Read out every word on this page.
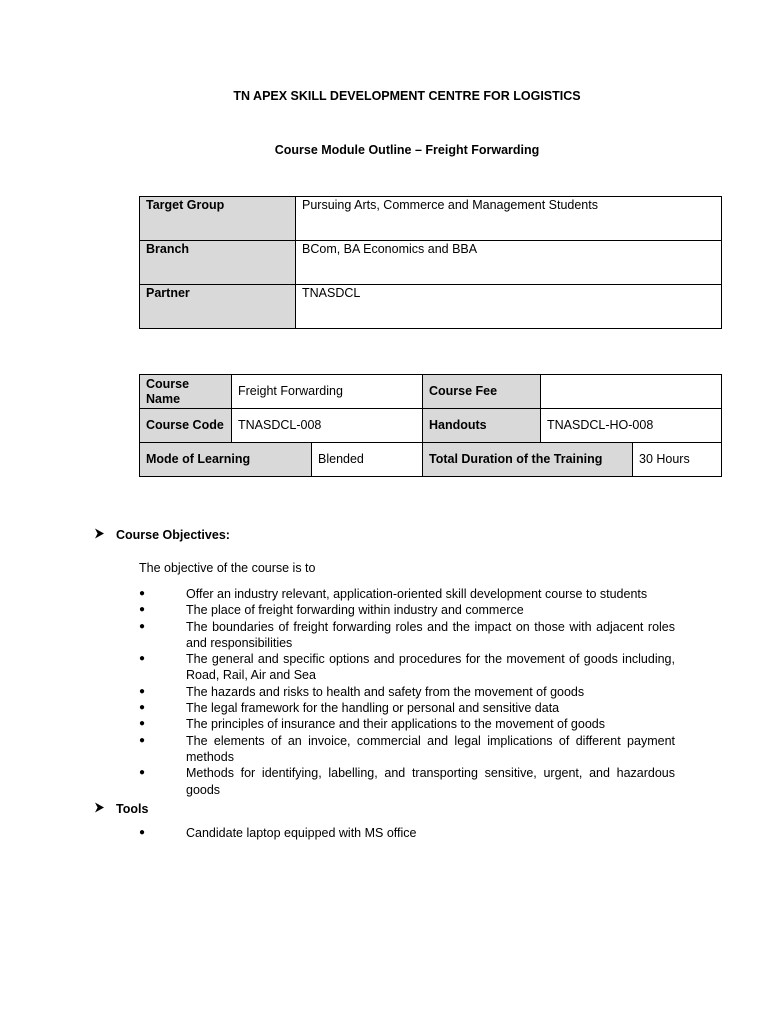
TN APEX SKILL DEVELOPMENT CENTRE FOR LOGISTICS
Course Module Outline – Freight Forwarding
Target Group	Pursuing Arts, Commerce and Management Students
Branch	BCom, BA Economics and BBA
Partner	TNASDCL
Course Name	Freight Forwarding		Course Fee		
Course Code	TNASDCL-008		Handouts	TNASDCL-HO-008	
Mode of Learning		Blended	Total Duration of the Training		30 Hours
Course Objectives:
The objective of the course is to
●	Offer an industry relevant, application-oriented skill development course to students
●	The place of freight forwarding within industry and commerce
●	The boundaries of freight forwarding roles and the impact on those with adjacent roles and responsibilities
●	The general and specific options and procedures for the movement of goods including, Road, Rail, Air and Sea
●	The hazards and risks to health and safety from the movement of goods
●	The legal framework for the handling or personal and sensitive data
●	The principles of insurance and their applications to the movement of goods
●	The elements of an invoice, commercial and legal implications of different payment methods
●	Methods for identifying, labelling, and transporting sensitive, urgent, and hazardous goods
Tools
●	Candidate laptop equipped with MS office
